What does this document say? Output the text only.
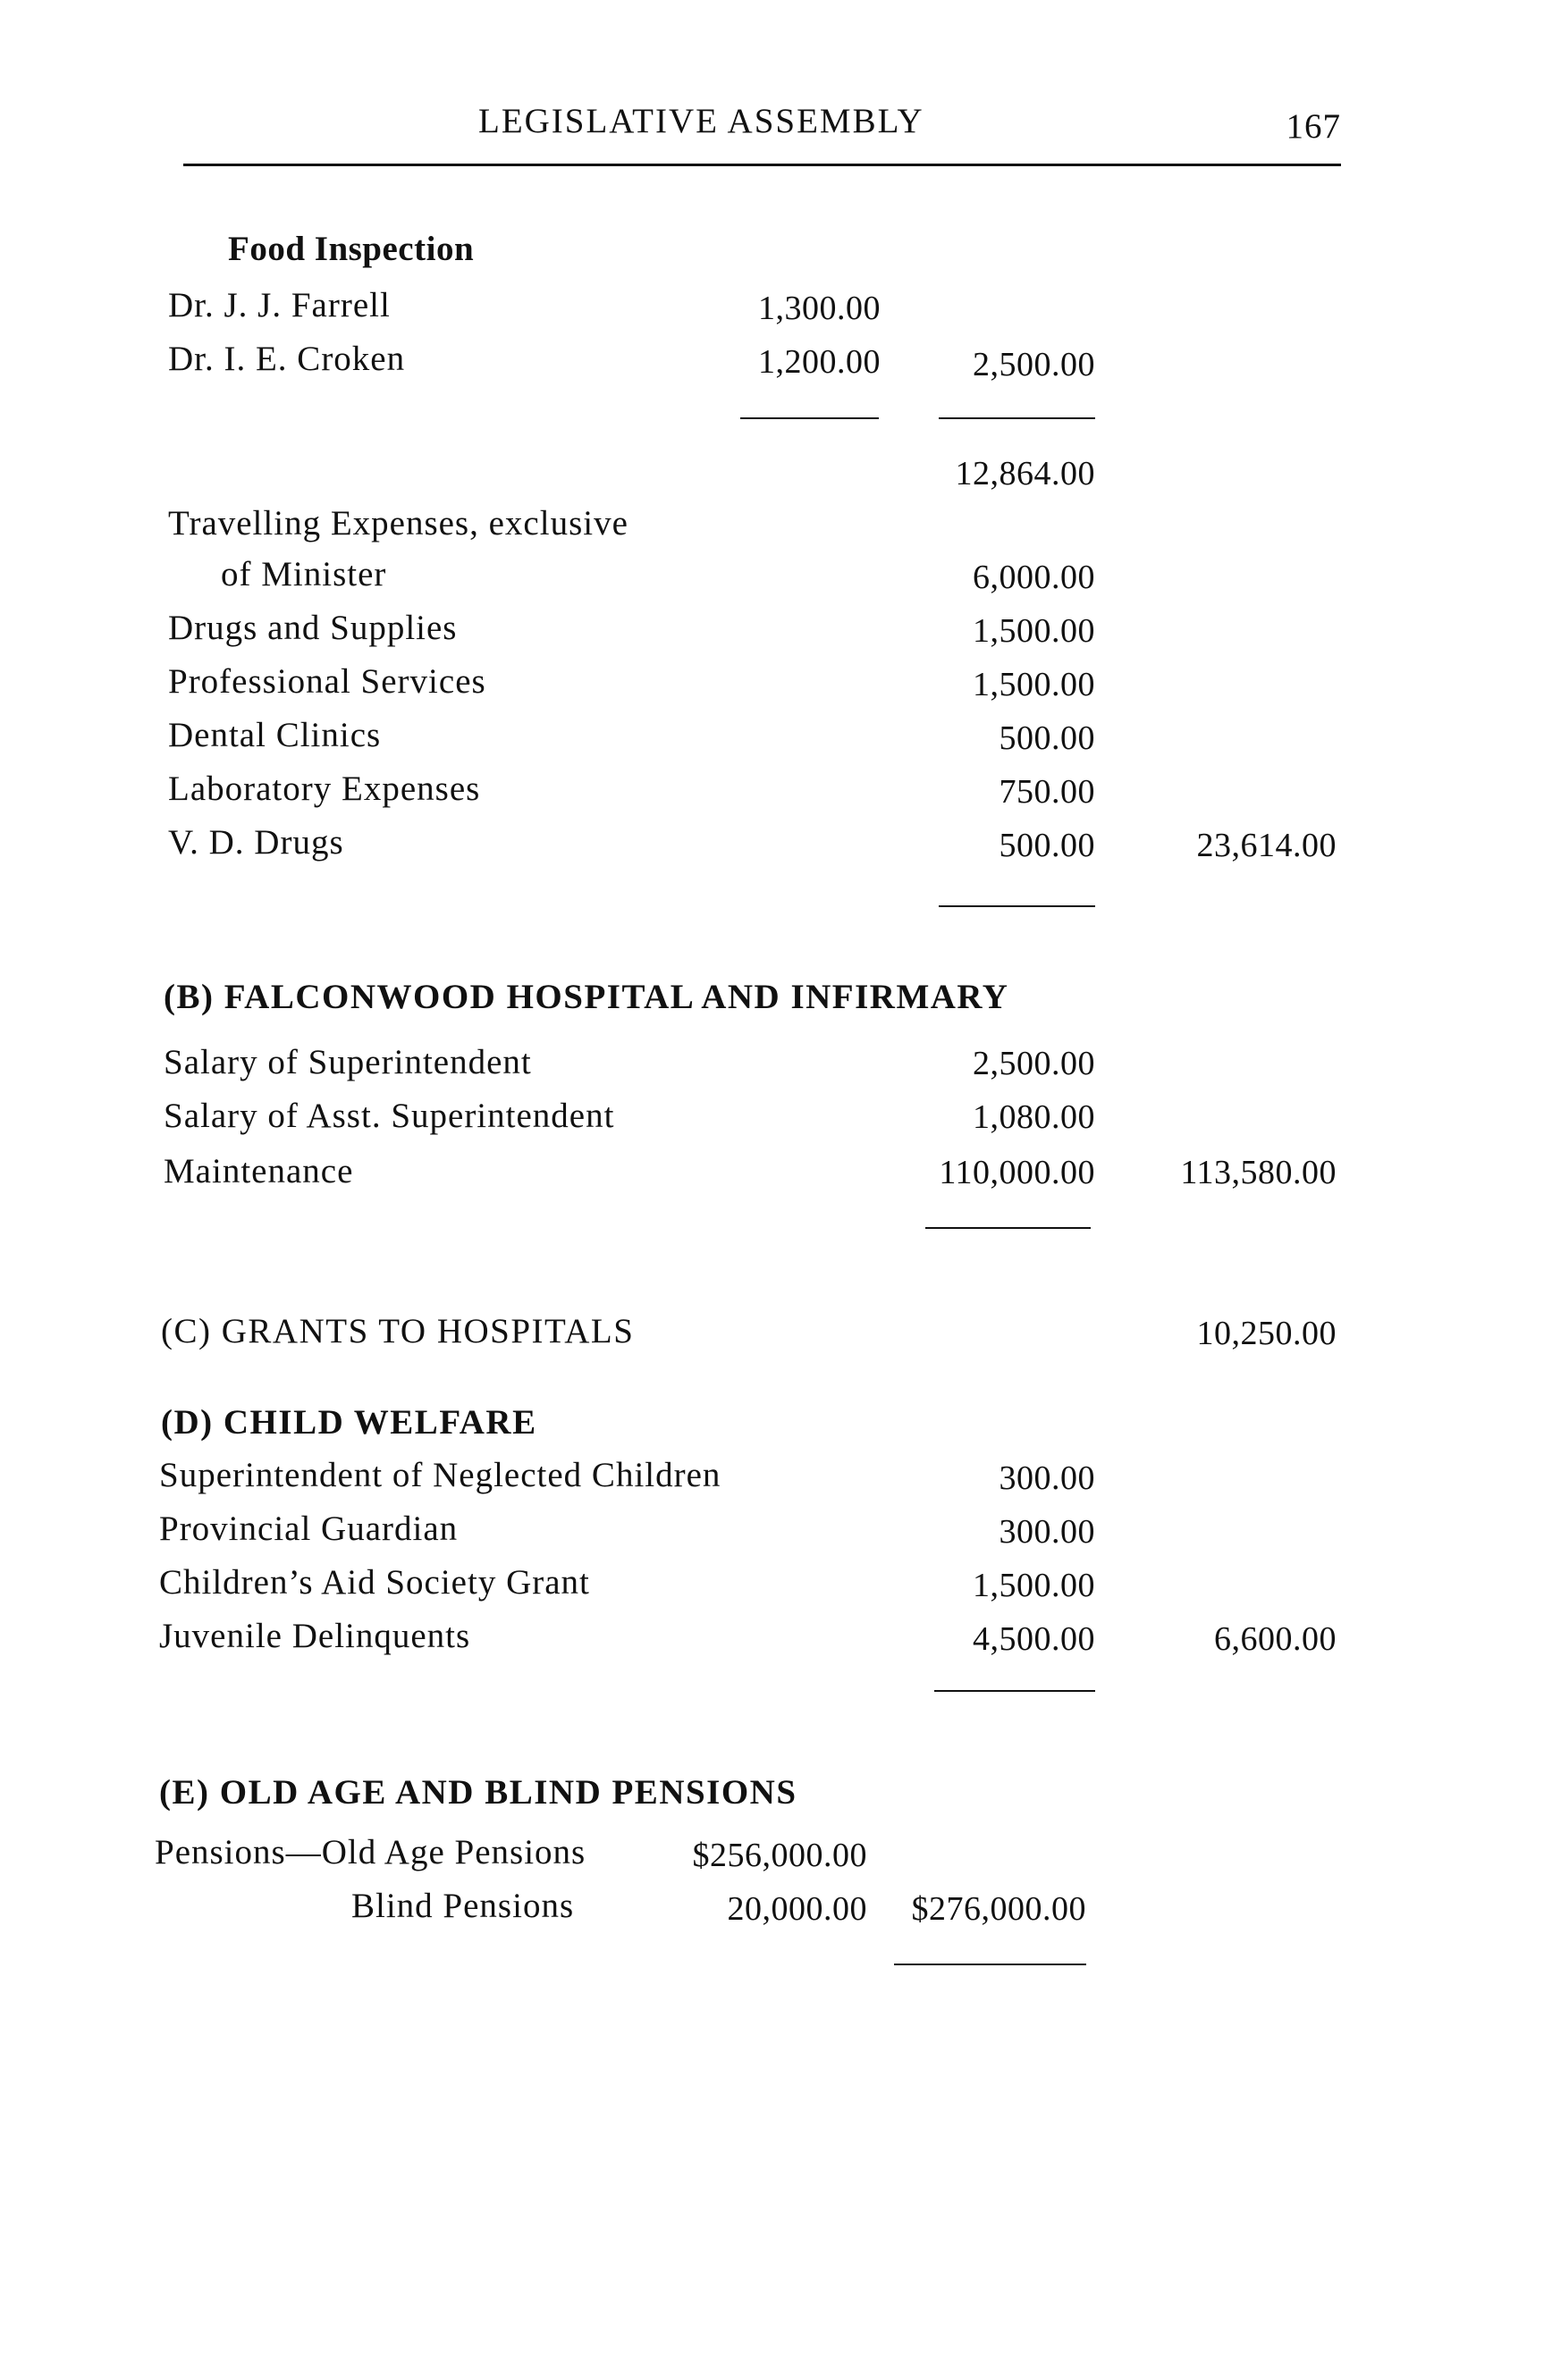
LEGISLATIVE ASSEMBLY	167
Food Inspection
Dr. J. J. Farrell	1,300.00
Dr. I. E. Croken	1,200.00	2,500.00
12,864.00
Travelling Expenses, exclusive
of Minister	6,000.00
Drugs and Supplies	1,500.00
Professional Services	1,500.00
Dental Clinics	500.00
Laboratory Expenses	750.00
V. D. Drugs	500.00	23,614.00
(B) FALCONWOOD HOSPITAL AND INFIRMARY
Salary of Superintendent	2,500.00
Salary of Asst. Superintendent	1,080.00
Maintenance	110,000.00	113,580.00
(C) GRANTS TO HOSPITALS	10,250.00
(D) CHILD WELFARE
Superintendent of Neglected Children	300.00
Provincial Guardian	300.00
Children’s Aid Society Grant	1,500.00
Juvenile Delinquents	4,500.00	6,600.00
(E) OLD AGE AND BLIND PENSIONS
Pensions—Old Age Pensions	$256,000.00
Blind Pensions	20,000.00	$276,000.00
